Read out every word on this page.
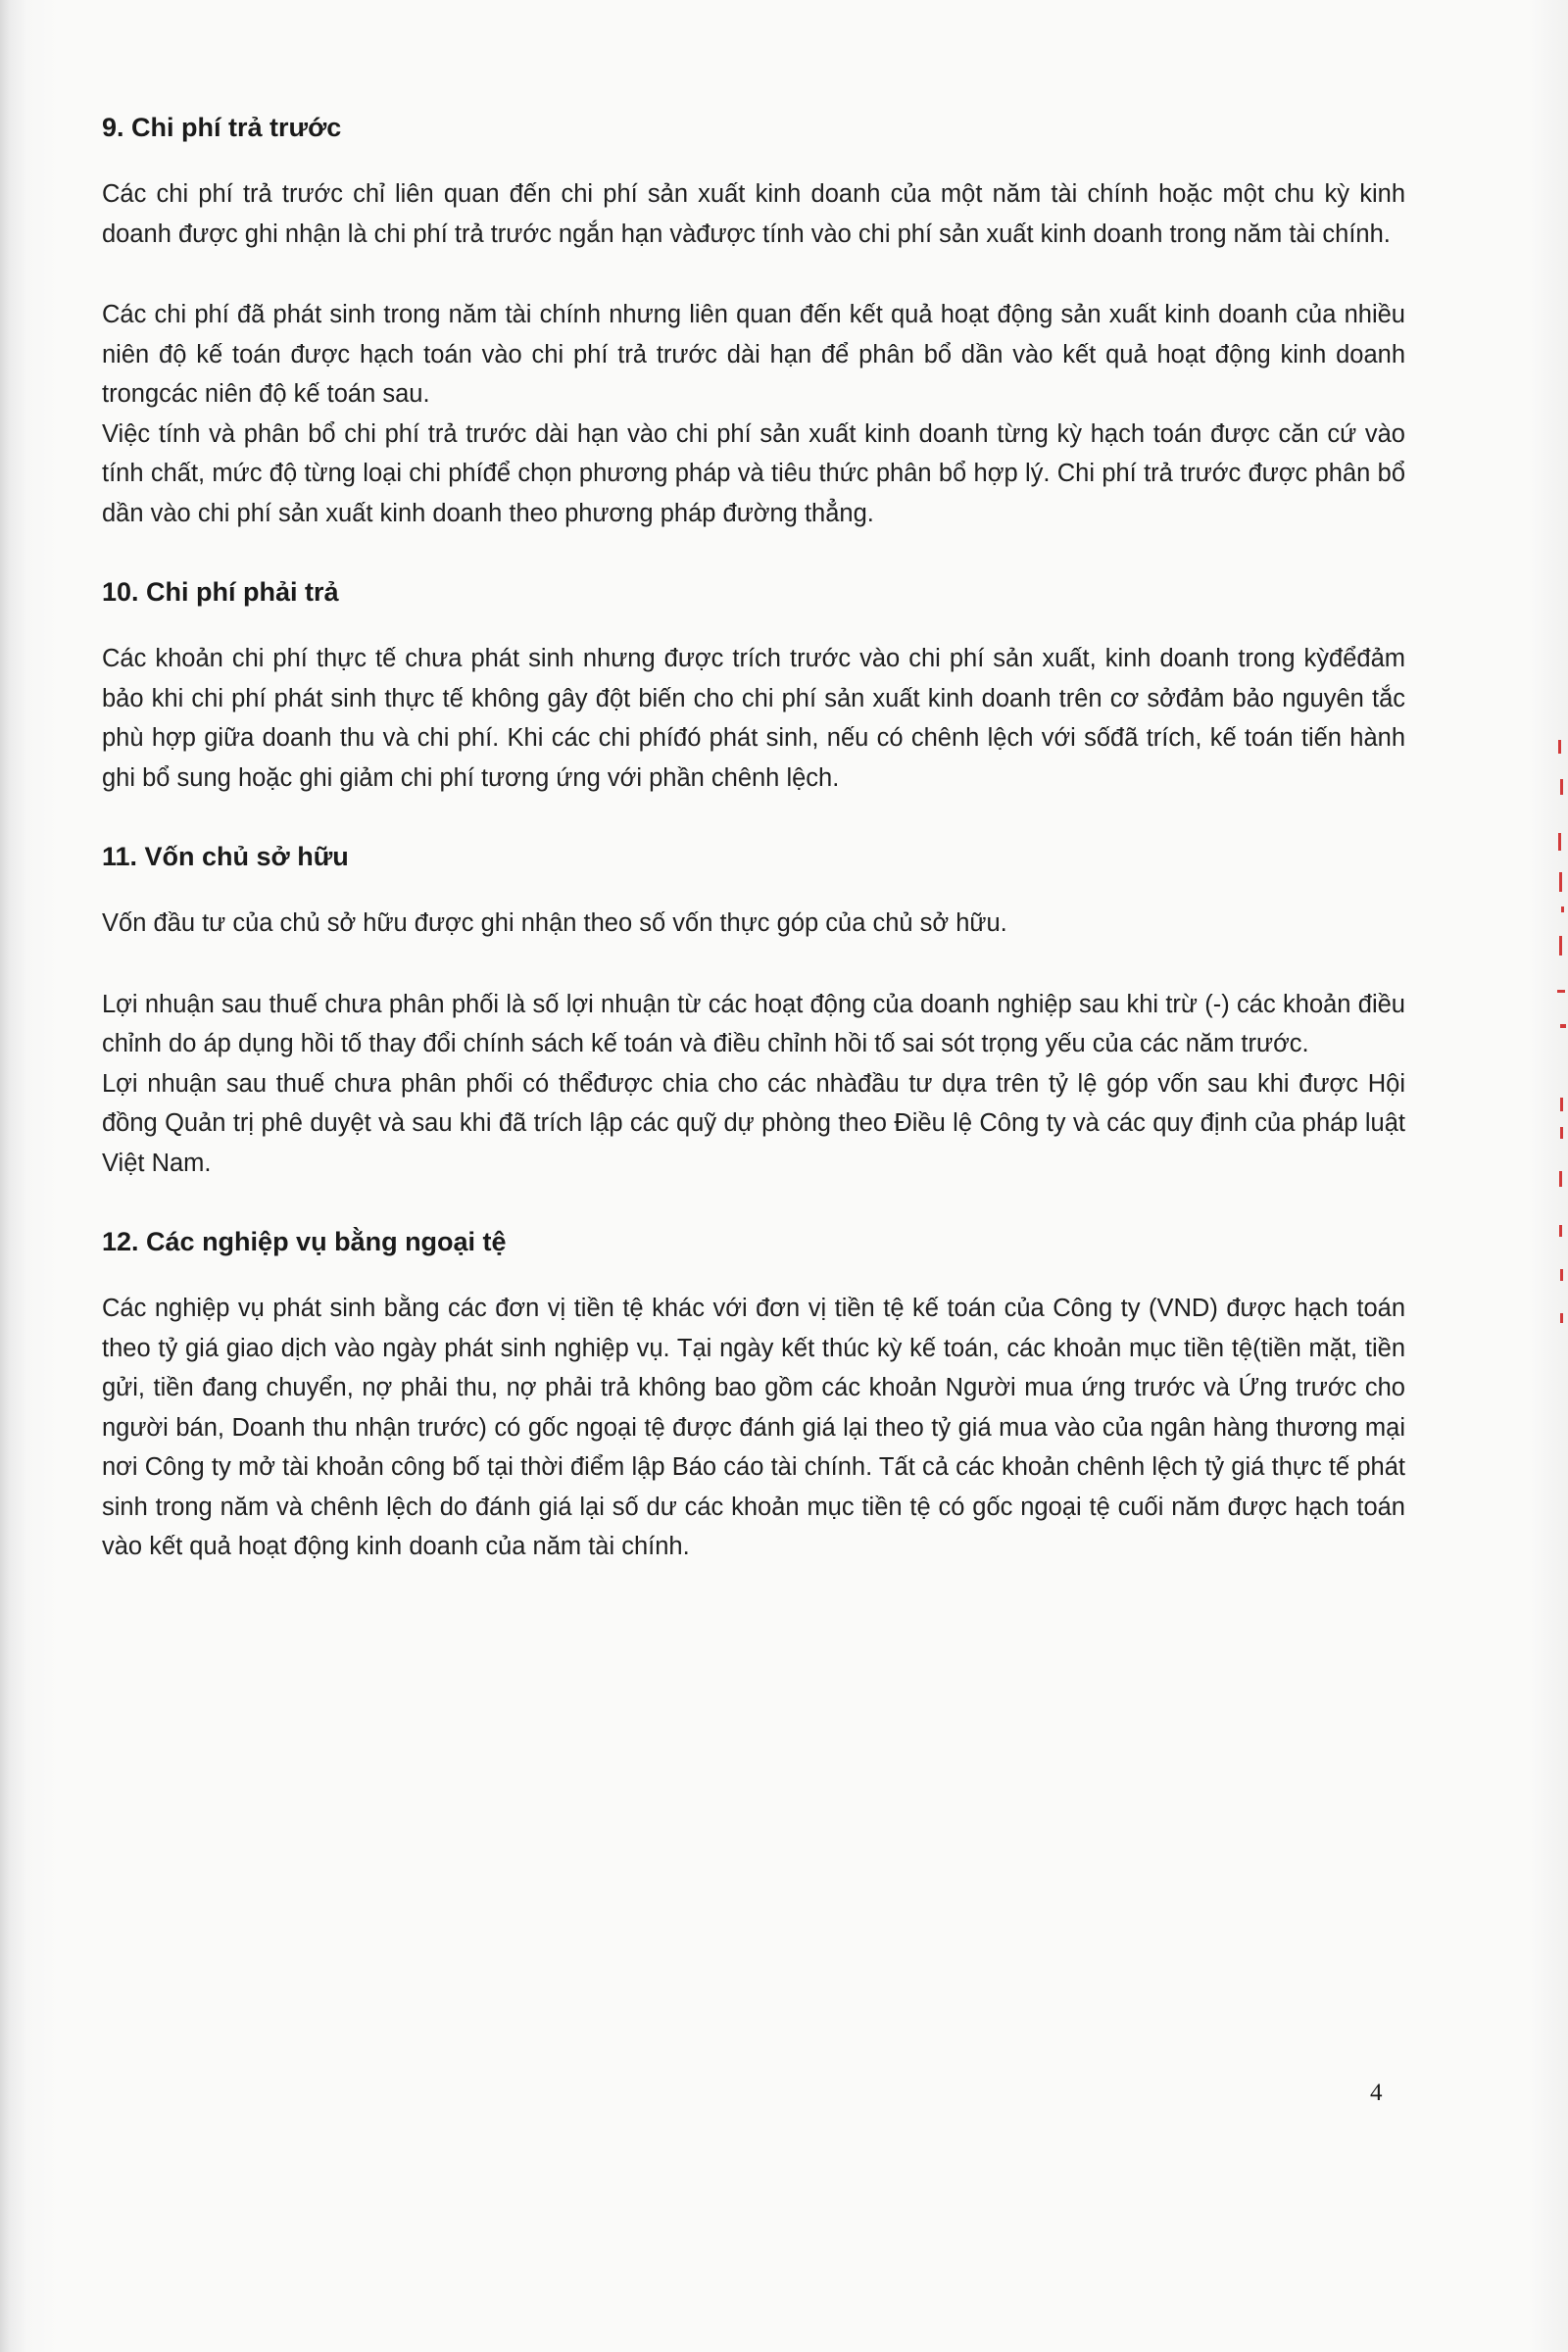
9. Chi phí trả trước

Các chi phí trả trước chỉ liên quan đến chi phí sản xuất kinh doanh của một năm tài chính hoặc một chu kỳ kinh doanh được ghi nhận là chi phí trả trước ngắn hạn vàđược tính vào chi phí sản xuất kinh doanh trong năm tài chính.

Các chi phí đã phát sinh trong năm tài chính nhưng liên quan đến kết quả hoạt động sản xuất kinh doanh của nhiều niên độ kế toán được hạch toán vào chi phí trả trước dài hạn để phân bổ dần vào kết quả hoạt động kinh doanh trongcác niên độ kế toán sau.

Việc tính và phân bổ chi phí trả trước dài hạn vào chi phí sản xuất kinh doanh từng kỳ hạch toán được căn cứ vào tính chất, mức độ từng loại chi phíđể chọn phương pháp và tiêu thức phân bổ hợp lý. Chi phí trả trước được phân bổ dần vào chi phí sản xuất kinh doanh theo phương pháp đường thẳng.

10. Chi phí phải trả

Các khoản chi phí thực tế chưa phát sinh nhưng được trích trước vào chi phí sản xuất, kinh doanh trong kỳđểđảm bảo khi chi phí phát sinh thực tế không gây đột biến cho chi phí sản xuất kinh doanh trên cơ sởđảm bảo nguyên tắc phù hợp giữa doanh thu và chi phí. Khi các chi phíđó phát sinh, nếu có chênh lệch với sốđã trích, kế toán tiến hành ghi bổ sung hoặc ghi giảm chi phí tương ứng với phần chênh lệch.

11. Vốn chủ sở hữu

Vốn đầu tư của chủ sở hữu được ghi nhận theo số vốn thực góp của chủ sở hữu.

Lợi nhuận sau thuế chưa phân phối là số lợi nhuận từ các hoạt động của doanh nghiệp sau khi trừ (-) các khoản điều chỉnh do áp dụng hồi tố thay đổi chính sách kế toán và điều chỉnh hồi tố sai sót trọng yếu của các năm trước.

Lợi nhuận sau thuế chưa phân phối có thểđược chia cho các nhàđầu tư dựa trên tỷ lệ góp vốn sau khi được Hội đồng Quản trị phê duyệt và sau khi đã trích lập các quỹ dự phòng theo Điều lệ Công ty và các quy định của pháp luật Việt Nam.

12. Các nghiệp vụ bằng ngoại tệ

Các nghiệp vụ phát sinh bằng các đơn vị tiền tệ khác với đơn vị tiền tệ kế toán của Công ty (VND) được hạch toán theo tỷ giá giao dịch vào ngày phát sinh nghiệp vụ. Tại ngày kết thúc kỳ kế toán, các khoản mục tiền tệ(tiền mặt, tiền gửi, tiền đang chuyển, nợ phải thu, nợ phải trả không bao gồm các khoản Người mua ứng trước và Ứng trước cho người bán, Doanh thu nhận trước) có gốc ngoại tệ được đánh giá lại theo tỷ giá mua vào của ngân hàng thương mại nơi Công ty mở tài khoản công bố tại thời điểm lập Báo cáo tài chính. Tất cả các khoản chênh lệch tỷ giá thực tế phát sinh trong năm và chênh lệch do đánh giá lại số dư các khoản mục tiền tệ có gốc ngoại tệ cuối năm được hạch toán vào kết quả hoạt động kinh doanh của năm tài chính.

4
